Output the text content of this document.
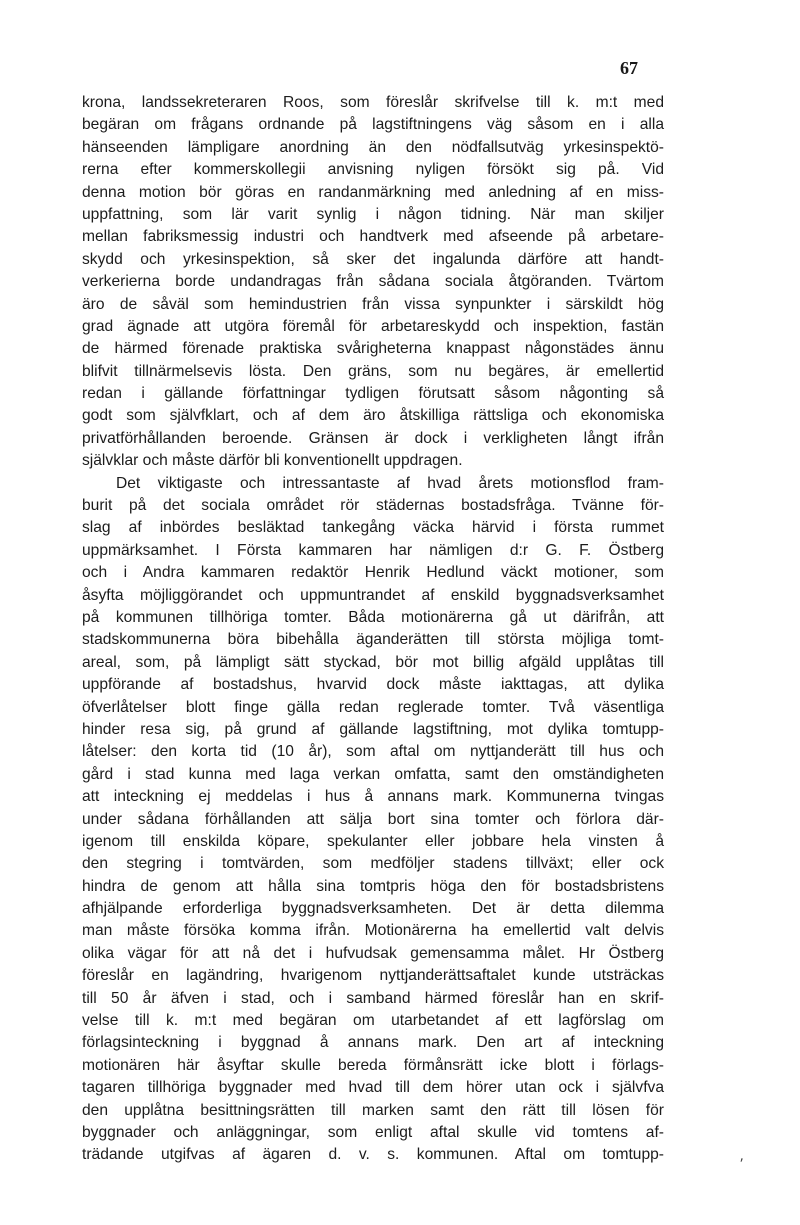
67
krona, landssekreteraren Roos, som föreslår skrifvelse till k. m:t med
begäran om frågans ordnande på lagstiftningens väg såsom en i alla
hänseenden lämpligare anordning än den nödfallsutväg yrkesinspektö-
rerna efter kommerskollegii anvisning nyligen försökt sig på. Vid
denna motion bör göras en randanmärkning med anledning af en miss-
uppfattning, som lär varit synlig i någon tidning. När man skiljer
mellan fabriksmessig industri och handtverk med afseende på arbetare-
skydd och yrkesinspektion, så sker det ingalunda därföre att handt-
verkerierna borde undandragas från sådana sociala åtgöranden. Tvärtom
äro de såväl som hemindustrien från vissa synpunkter i särskildt hög
grad ägnade att utgöra föremål för arbetareskydd och inspektion, fastän
de härmed förenade praktiska svårigheterna knappast någonstädes ännu
blifvit tillnärmelsevis lösta. Den gräns, som nu begäres, är emellertid
redan i gällande författningar tydligen förutsatt såsom någonting så
godt som självfklart, och af dem äro åtskilliga rättsliga och ekonomiska
privatförhållanden beroende. Gränsen är dock i verkligheten långt ifrån
självklar och måste därför bli konventionellt uppdragen.
Det viktigaste och intressantaste af hvad årets motionsflod fram-
burit på det sociala området rör städernas bostadsfråga. Tvänne för-
slag af inbördes besläktad tankegång väcka härvid i första rummet
uppmärksamhet. I Första kammaren har nämligen d:r G. F. Östberg
och i Andra kammaren redaktör Henrik Hedlund väckt motioner, som
åsyfta möjliggörandet och uppmuntrandet af enskild byggnadsverksamhet
på kommunen tillhöriga tomter. Båda motionärerna gå ut därifrån, att
stadskommunerna böra bibehålla äganderätten till största möjliga tomt-
areal, som, på lämpligt sätt styckad, bör mot billig afgäld upplåtas till
uppförande af bostadshus, hvarvid dock måste iakttagas, att dylika
öfverlåtelser blott finge gälla redan reglerade tomter. Två väsentliga
hinder resa sig, på grund af gällande lagstiftning, mot dylika tomtupp-
låtelser: den korta tid (10 år), som aftal om nyttjanderätt till hus och
gård i stad kunna med laga verkan omfatta, samt den omständigheten
att inteckning ej meddelas i hus å annans mark. Kommunerna tvingas
under sådana förhållanden att sälja bort sina tomter och förlora där-
igenom till enskilda köpare, spekulanter eller jobbare hela vinsten å
den stegring i tomtvärden, som medföljer stadens tillväxt; eller ock
hindra de genom att hålla sina tomtpris höga den för bostadsbristens
afhjälpande erforderliga byggnadsverksamheten. Det är detta dilemma
man måste försöka komma ifrån. Motionärerna ha emellertid valt delvis
olika vägar för att nå det i hufvudsak gemensamma målet. Hr Östberg
föreslår en lagändring, hvarigenom nyttjanderättsaftalet kunde utsträckas
till 50 år äfven i stad, och i samband härmed föreslår han en skrif-
velse till k. m:t med begäran om utarbetandet af ett lagförslag om
förlagsinteckning i byggnad å annans mark. Den art af inteckning
motionären här åsyftar skulle bereda förmånsrätt icke blott i förlags-
tagaren tillhöriga byggnader med hvad till dem hörer utan ock i självfva
den upplåtna besittningsrätten till marken samt den rätt till lösen för
byggnader och anläggningar, som enligt aftal skulle vid tomtens af-
trädande utgifvas af ägaren d. v. s. kommunen. Aftal om tomtupp-	⸴
